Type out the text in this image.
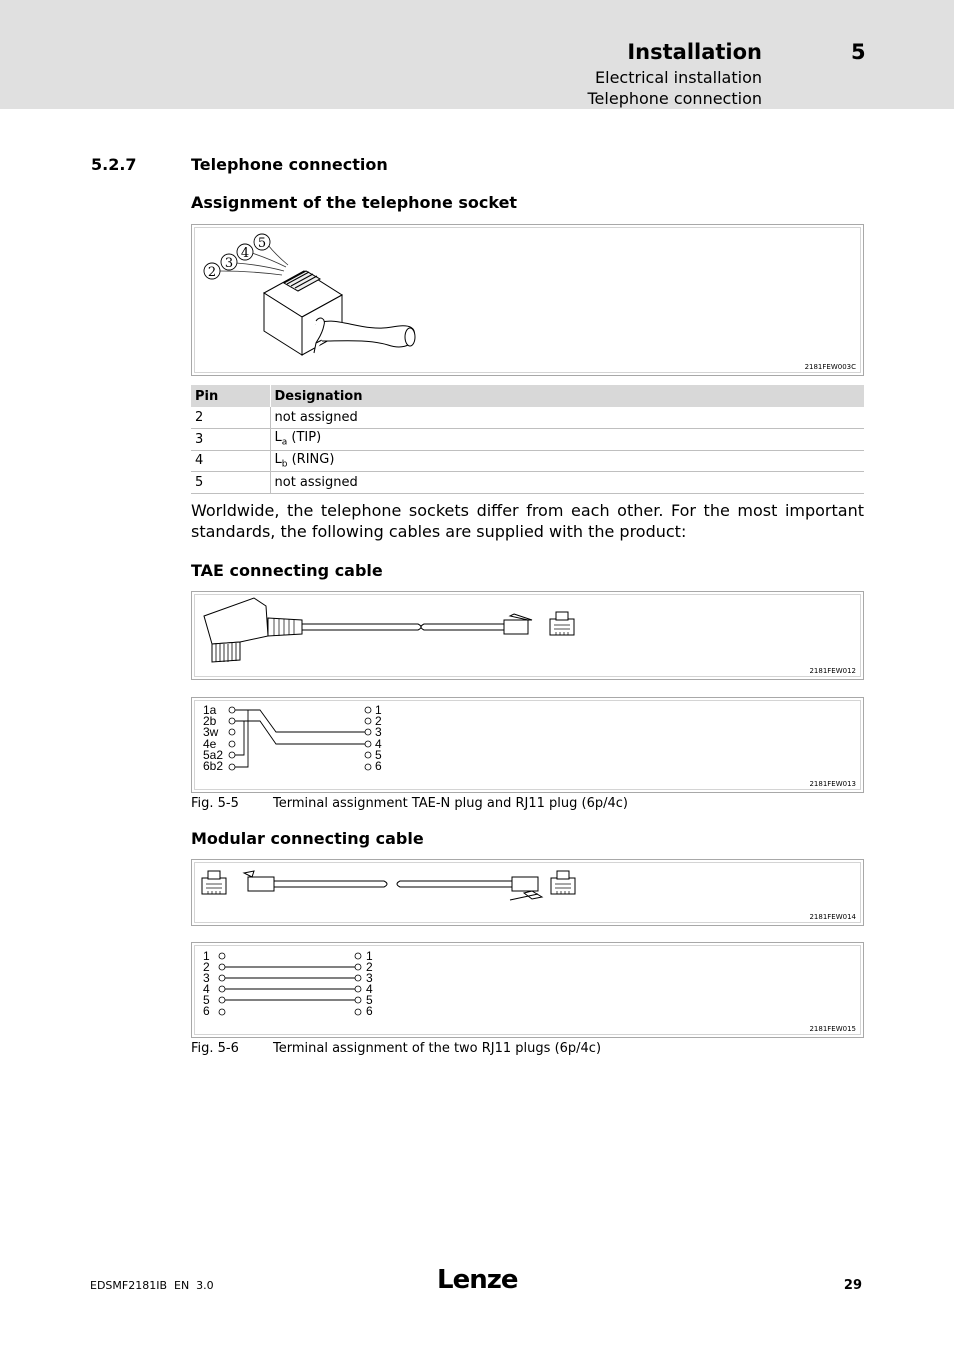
Installation	5
Electrical installation
Telephone connection
5.2.7	Telephone connection
Assignment of the telephone socket
2
3
4
5
2181FEW003C
Pin	Designation
2	not assigned
3	$L_a$ (TIP)
4	$L_b$ (RING)
5	not assigned
Worldwide, the telephone sockets differ from each other. For the most important standards, the following cables are supplied with the product:
TAE connecting cable
2181FEW012
1a
2b
3w
4e
5a2
6b2
1
2
3
4
5
6
2181FEW013
Fig. 5-5	Terminal assignment TAE-N plug and RJ11 plug (6p/4c)
Modular connecting cable
2181FEW014
1
2
3
4
5
6
1
2
3
4
5
6
2181FEW015
Fig. 5-6	Terminal assignment of the two RJ11 plugs (6p/4c)
EDSMF2181IB  EN  3.0	Lenze	29
